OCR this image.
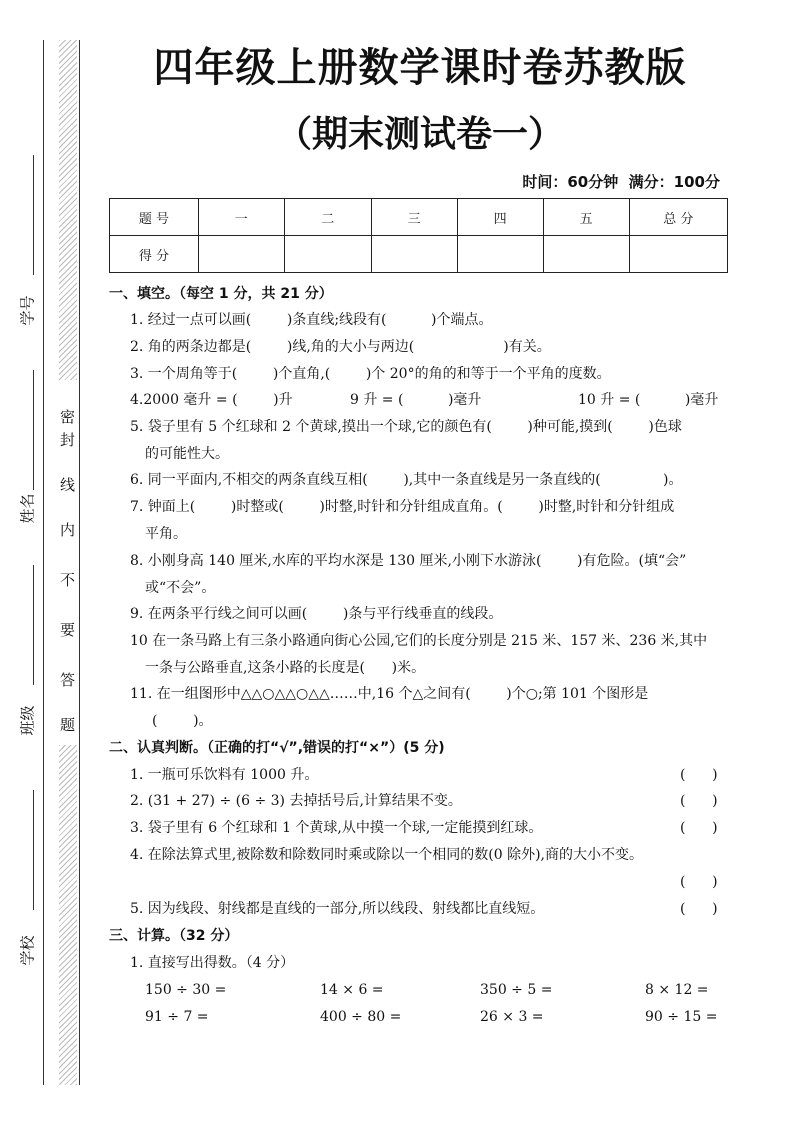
学号
姓名
班级
学校
四年级上册数学课时卷苏教版
（期末测试卷一）
时间：60分钟  满分：100分
题 号	一	二	三	四	五	总 分
得 分						
一、填空。（每空 1 分，共 21 分）
1. 经过一点可以画(        )条直线;线段有(          )个端点。
2. 角的两条边都是(        )线,角的大小与两边(                    )有关。
3. 一个周角等于(        )个直角,(        )个 20°的角的和等于一个平角的度数。
5. 袋子里有 5 个红球和 2 个黄球,摸出一个球,它的颜色有(        )种可能,摸到(        )色球
的可能性大。
6. 同一平面内,不相交的两条直线互相(        ),其中一条直线是另一条直线的(              )。
7. 钟面上(        )时整或(        )时整,时针和分针组成直角。(        )时整,时针和分针组成
平角。
8. 小刚身高 140 厘米,水库的平均水深是 130 厘米,小刚下水游泳(        )有危险。(填“会”
或“不会”。
9. 在两条平行线之间可以画(        )条与平行线垂直的线段。
10 在一条马路上有三条小路通向街心公园,它们的长度分别是 215 米、157 米、236 米,其中
一条与公路垂直,这条小路的长度是(      )米。
11. 在一组图形中△△○△△○△△……中,16 个△之间有(        )个○;第 101 个图形是
(        )。
4.2000 毫升 = (        )升	9 升 = (          )毫升	10 升 = (          )毫升
二、认真判断。（正确的打“√”,错误的打“×”）(5 分)
1. 一瓶可乐饮料有 1000 升。	(      )
2. (31 + 27) ÷ (6 ÷ 3) 去掉括号后,计算结果不变。	(      )
3. 袋子里有 6 个红球和 1 个黄球,从中摸一个球,一定能摸到红球。	(      )
4. 在除法算式里,被除数和除数同时乘或除以一个相同的数(0 除外),商的大小不变。
(      )
5. 因为线段、射线都是直线的一部分,所以线段、射线都比直线短。	(      )
三、计算。（32 分）
1. 直接写出得数。（4 分）
150 ÷ 30 =	14 × 6 =	350 ÷ 5 =	8 × 12 =
91 ÷ 7 =	400 ÷ 80 =	26 × 3 =	90 ÷ 15 =
密
封
线
内
不
要
答
题
